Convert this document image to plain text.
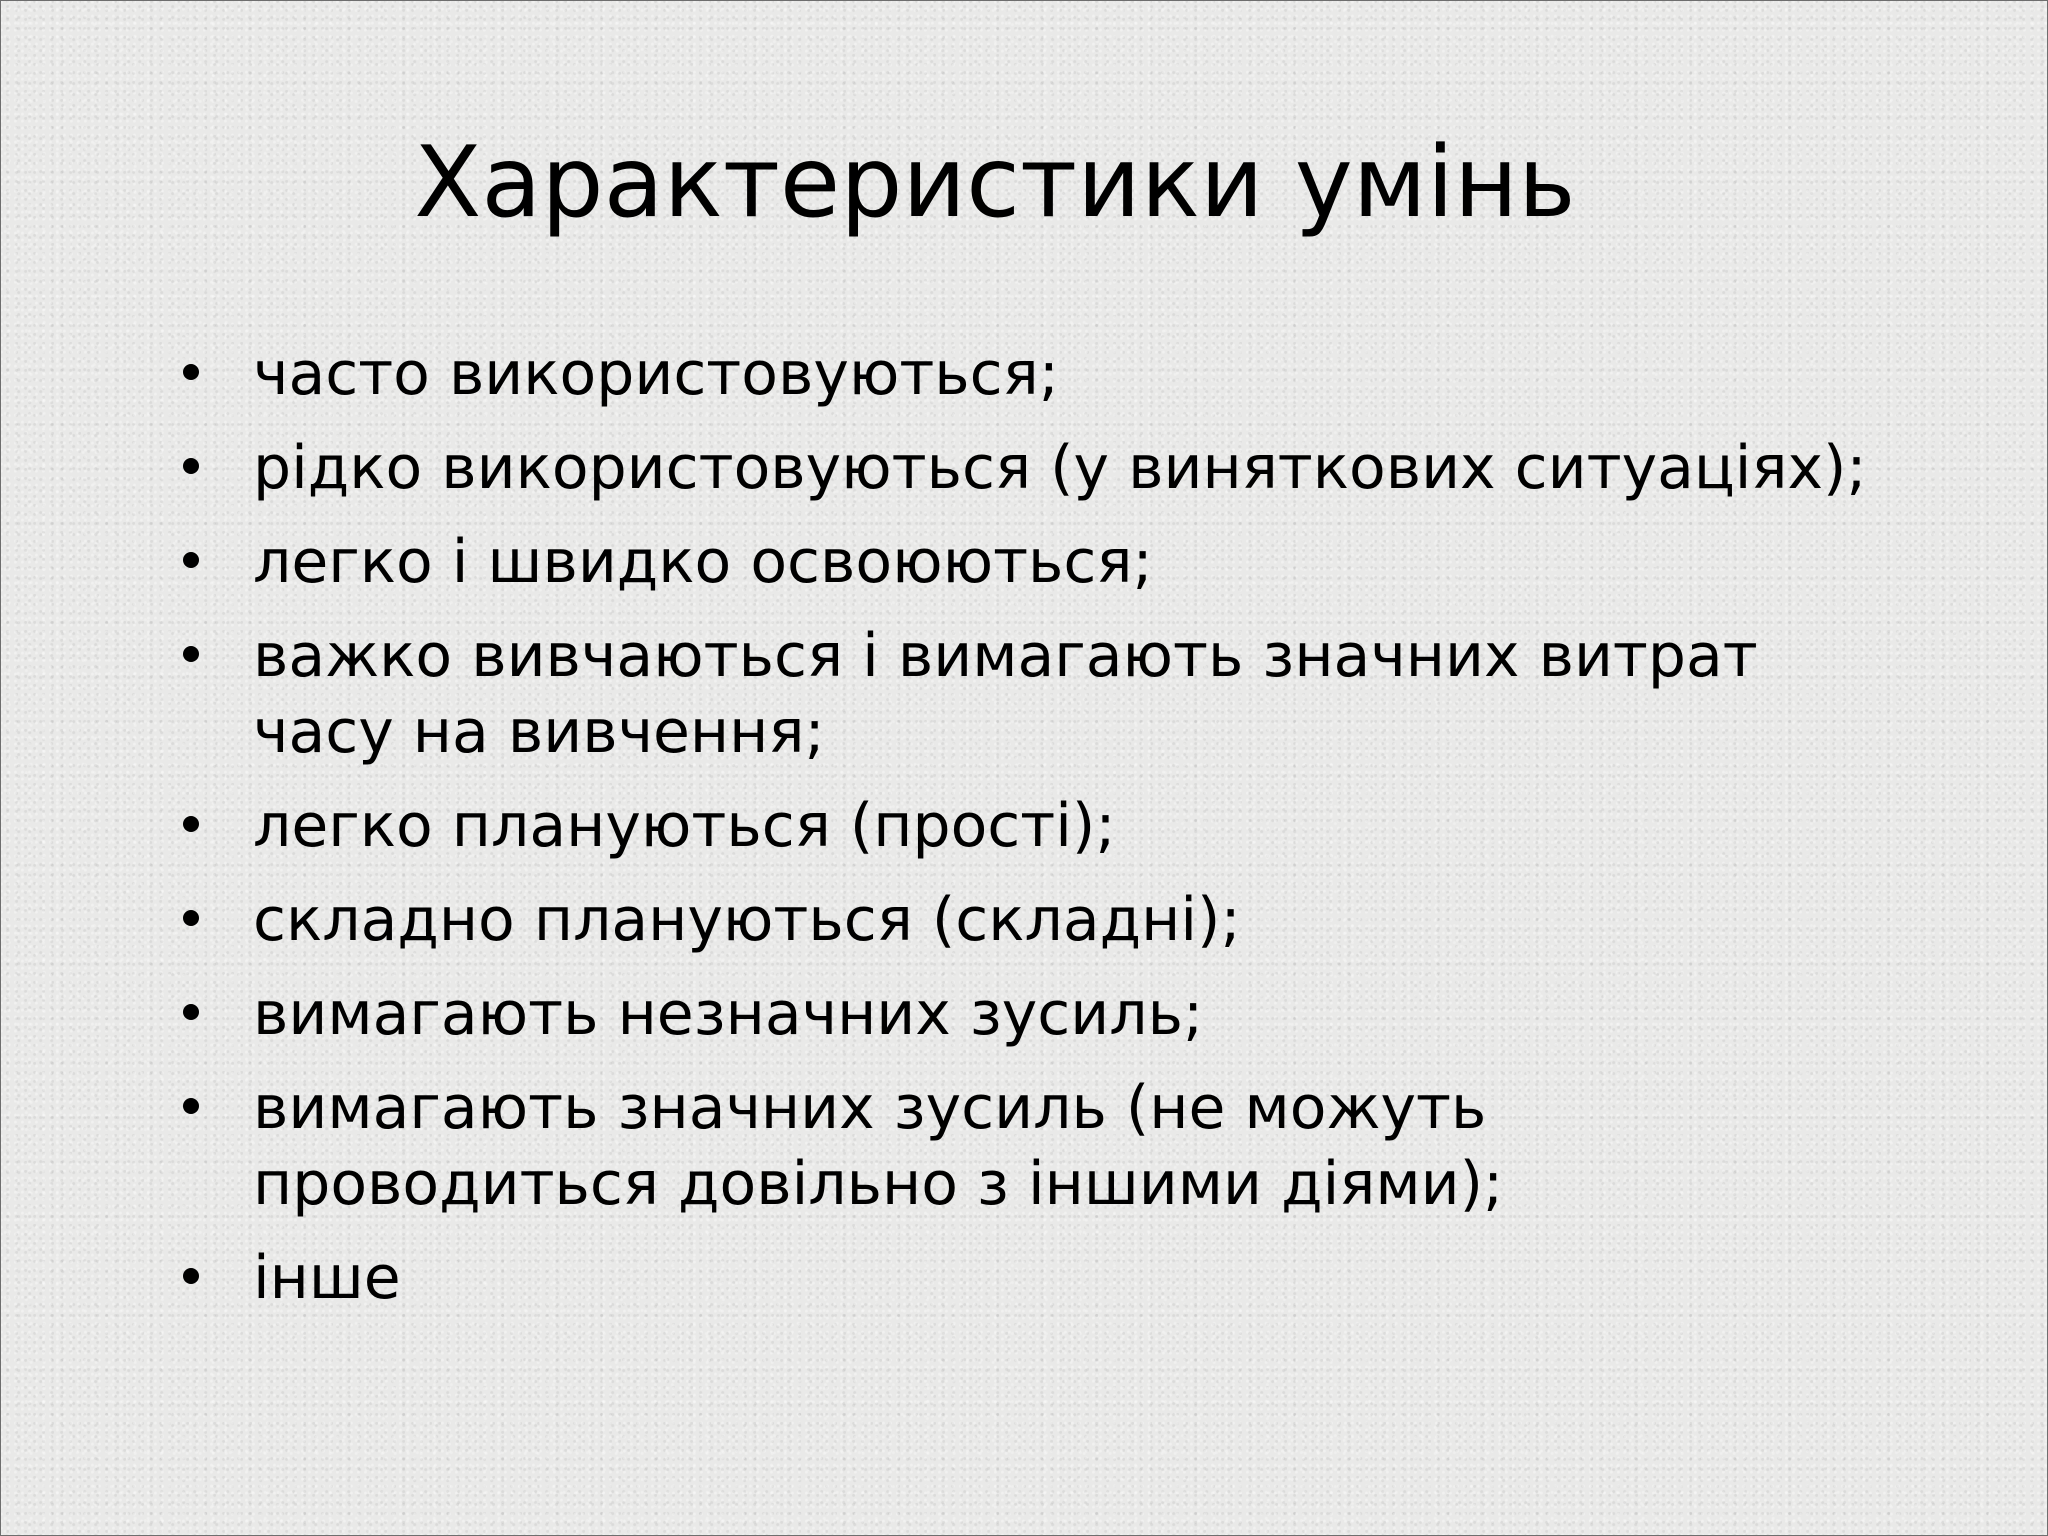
Характеристики умінь
часто використовуються;
рідко використовуються (у виняткових ситуаціях);
легко і швидко освоюються;
важко вивчаються і вимагають значних витрат часу на вивчення;
легко плануються (прості);
складно плануються (складні);
вимагають незначних зусиль;
вимагають значних зусиль (не можуть проводиться довільно з іншими діями);
інше
